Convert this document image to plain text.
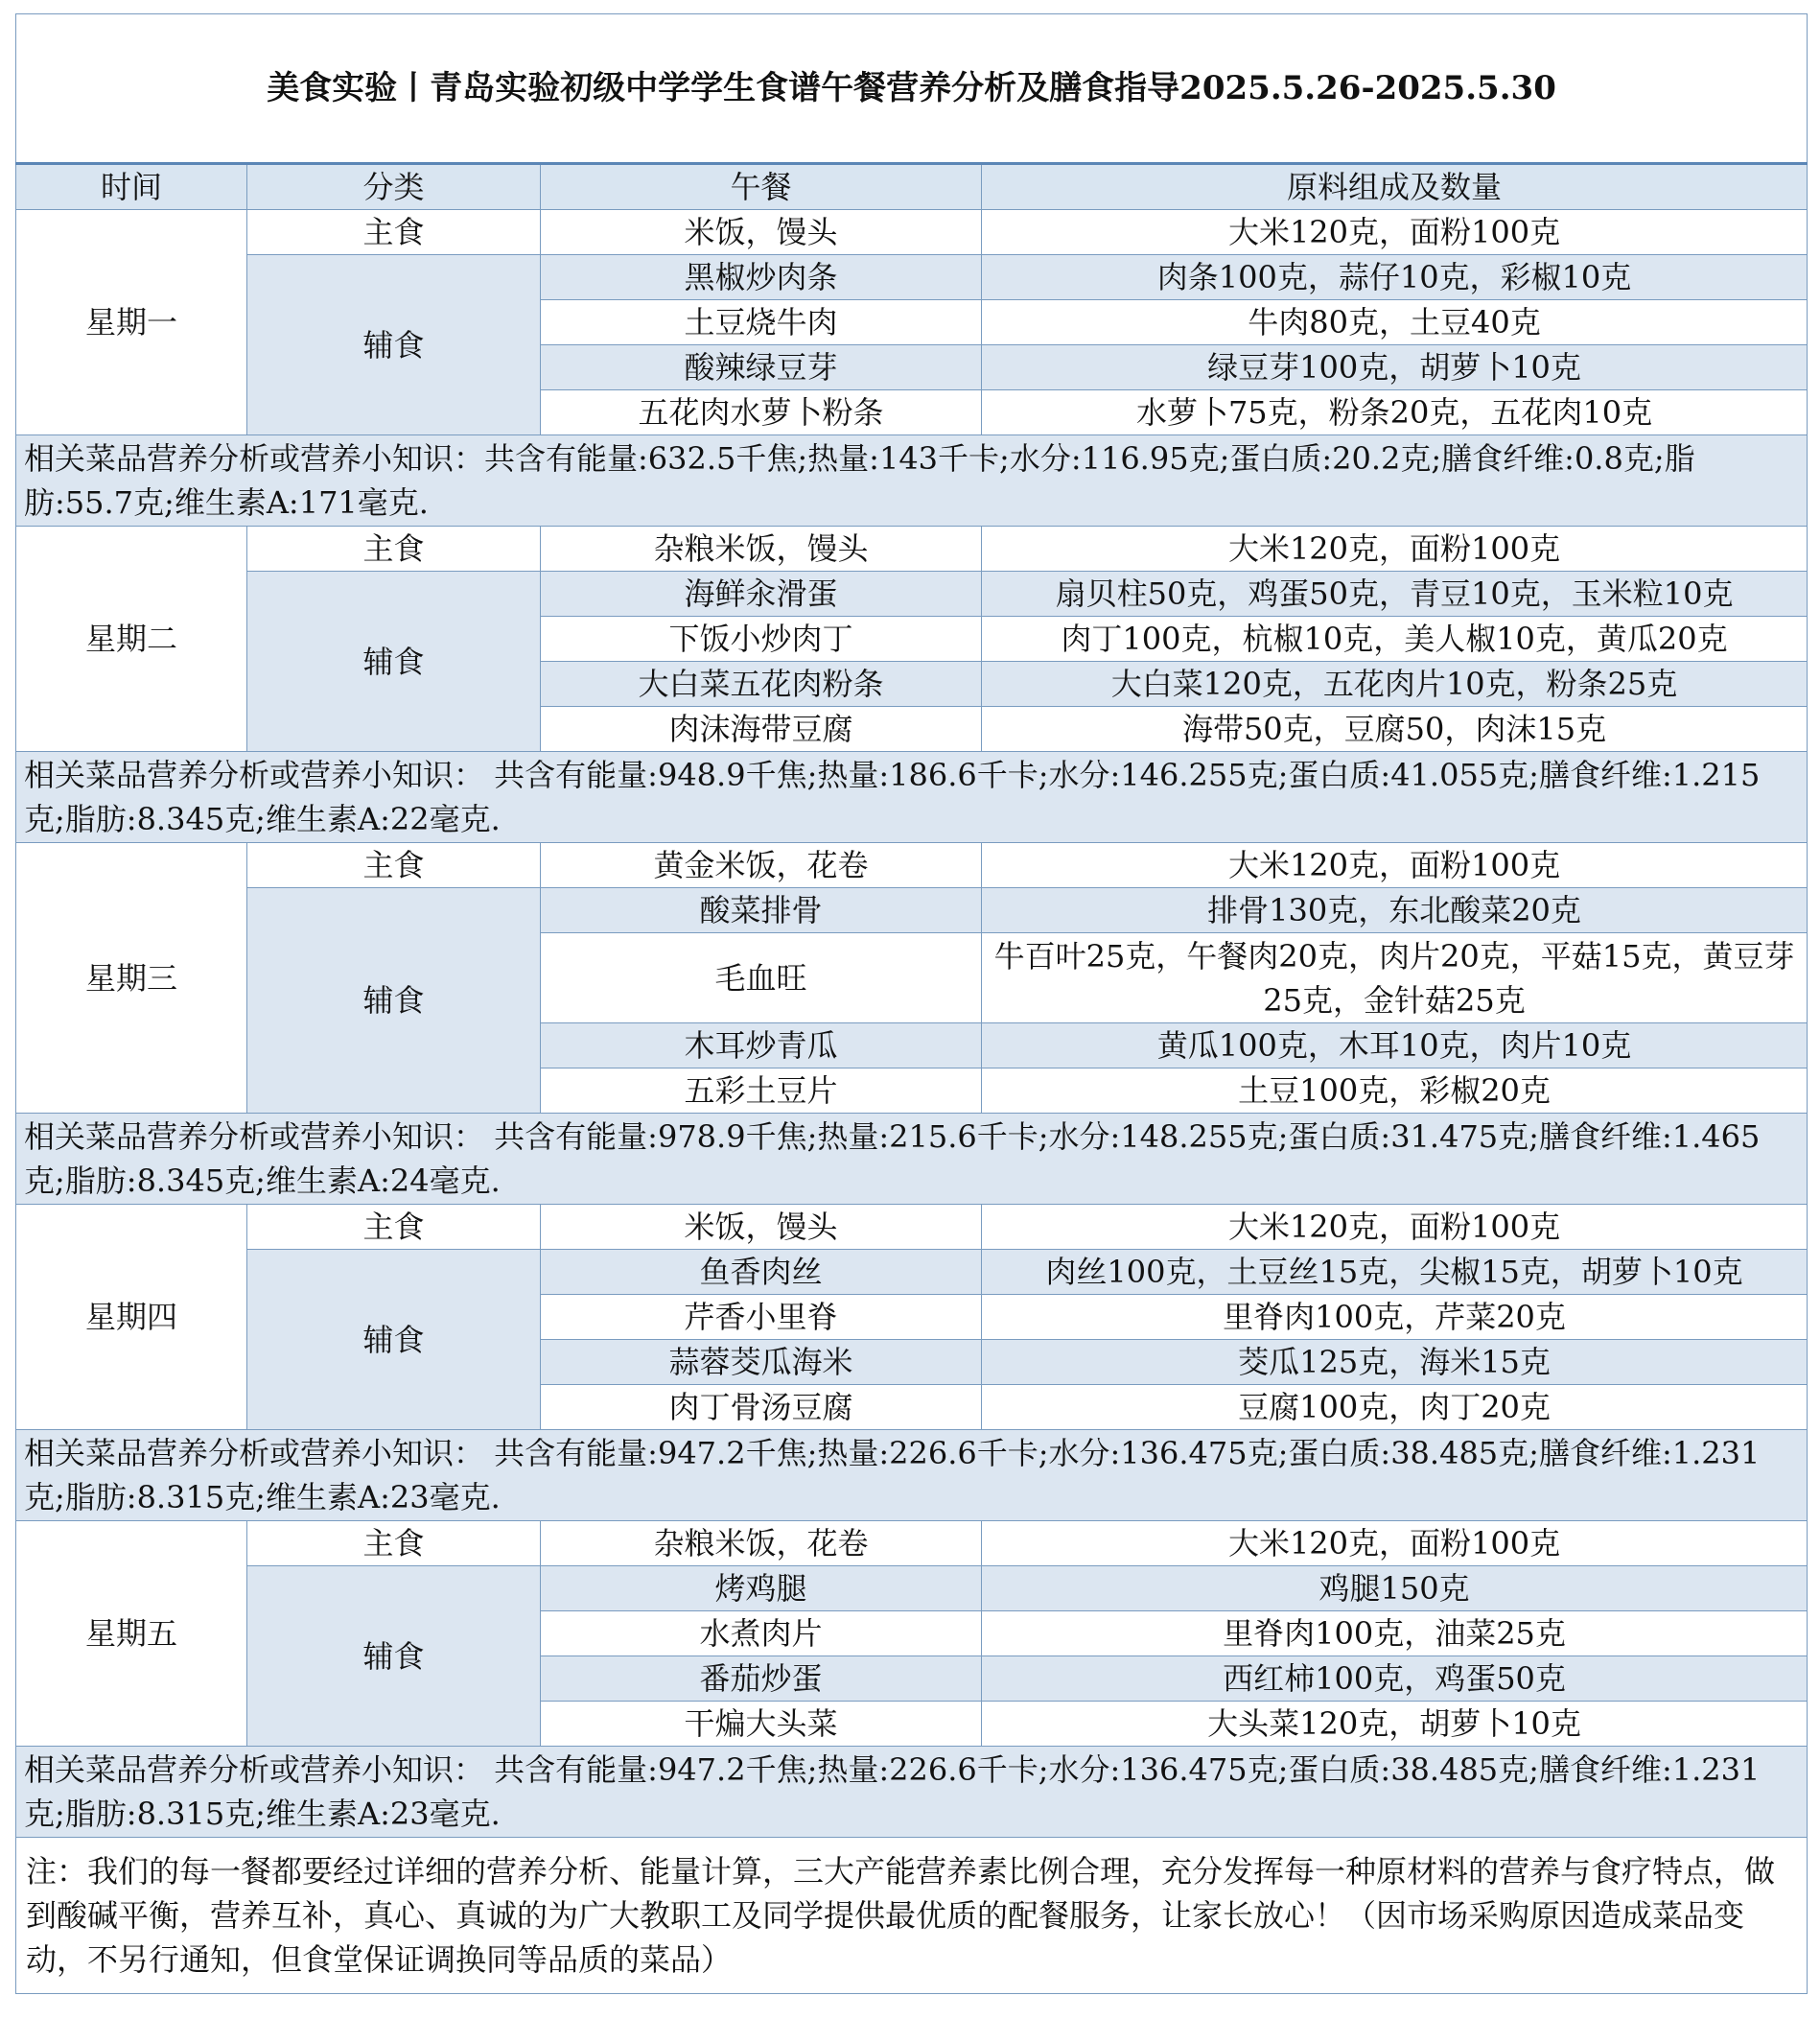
美食实验丨青岛实验初级中学学生食谱午餐营养分析及膳食指导2025.5.26-2025.5.30			
时间	分类	午餐	原料组成及数量
星期一	主食	米饭，馒头	大米120克，面粉100克
	辅食	黑椒炒肉条	肉条100克，蒜仔10克，彩椒10克
		土豆烧牛肉	牛肉80克，土豆40克
		酸辣绿豆芽	绿豆芽100克，胡萝卜10克
		五花肉水萝卜粉条	水萝卜75克，粉条20克，五花肉10克
相关菜品营养分析或营养小知识：共含有能量:632.5千焦;热量:143千卡;水分:116.95克;蛋白质:20.2克;膳食纤维:0.8克;脂肪:55.7克;维生素A:171毫克.			
星期二	主食	杂粮米饭，馒头	大米120克，面粉100克
	辅食	海鲜汆滑蛋	扇贝柱50克，鸡蛋50克，青豆10克，玉米粒10克
		下饭小炒肉丁	肉丁100克，杭椒10克，美人椒10克，黄瓜20克
		大白菜五花肉粉条	大白菜120克，五花肉片10克，粉条25克
		肉沫海带豆腐	海带50克，豆腐50，肉沫15克
相关菜品营养分析或营养小知识： 共含有能量:948.9千焦;热量:186.6千卡;水分:146.255克;蛋白质:41.055克;膳食纤维:1.215克;脂肪:8.345克;维生素A:22毫克.			
星期三	主食	黄金米饭，花卷	大米120克，面粉100克
	辅食	酸菜排骨	排骨130克，东北酸菜20克
		毛血旺	牛百叶25克，午餐肉20克，肉片20克，平菇15克，黄豆芽25克，金针菇25克
		木耳炒青瓜	黄瓜100克，木耳10克，肉片10克
		五彩土豆片	土豆100克，彩椒20克
相关菜品营养分析或营养小知识： 共含有能量:978.9千焦;热量:215.6千卡;水分:148.255克;蛋白质:31.475克;膳食纤维:1.465克;脂肪:8.345克;维生素A:24毫克.			
星期四	主食	米饭，馒头	大米120克，面粉100克
	辅食	鱼香肉丝	肉丝100克，土豆丝15克，尖椒15克，胡萝卜10克
		芹香小里脊	里脊肉100克，芹菜20克
		蒜蓉茭瓜海米	茭瓜125克，海米15克
		肉丁骨汤豆腐	豆腐100克，肉丁20克
相关菜品营养分析或营养小知识： 共含有能量:947.2千焦;热量:226.6千卡;水分:136.475克;蛋白质:38.485克;膳食纤维:1.231克;脂肪:8.315克;维生素A:23毫克.			
星期五	主食	杂粮米饭，花卷	大米120克，面粉100克
	辅食	烤鸡腿	鸡腿150克
		水煮肉片	里脊肉100克，油菜25克
		番茄炒蛋	西红柿100克，鸡蛋50克
		干煸大头菜	大头菜120克，胡萝卜10克
相关菜品营养分析或营养小知识： 共含有能量:947.2千焦;热量:226.6千卡;水分:136.475克;蛋白质:38.485克;膳食纤维:1.231克;脂肪:8.315克;维生素A:23毫克.			
注：我们的每一餐都要经过详细的营养分析、能量计算，三大产能营养素比例合理，充分发挥每一种原材料的营养与食疗特点，做到酸碱平衡，营养互补，真心、真诚的为广大教职工及同学提供最优质的配餐服务，让家长放心！（因市场采购原因造成菜品变动，不另行通知，但食堂保证调换同等品质的菜品）			
